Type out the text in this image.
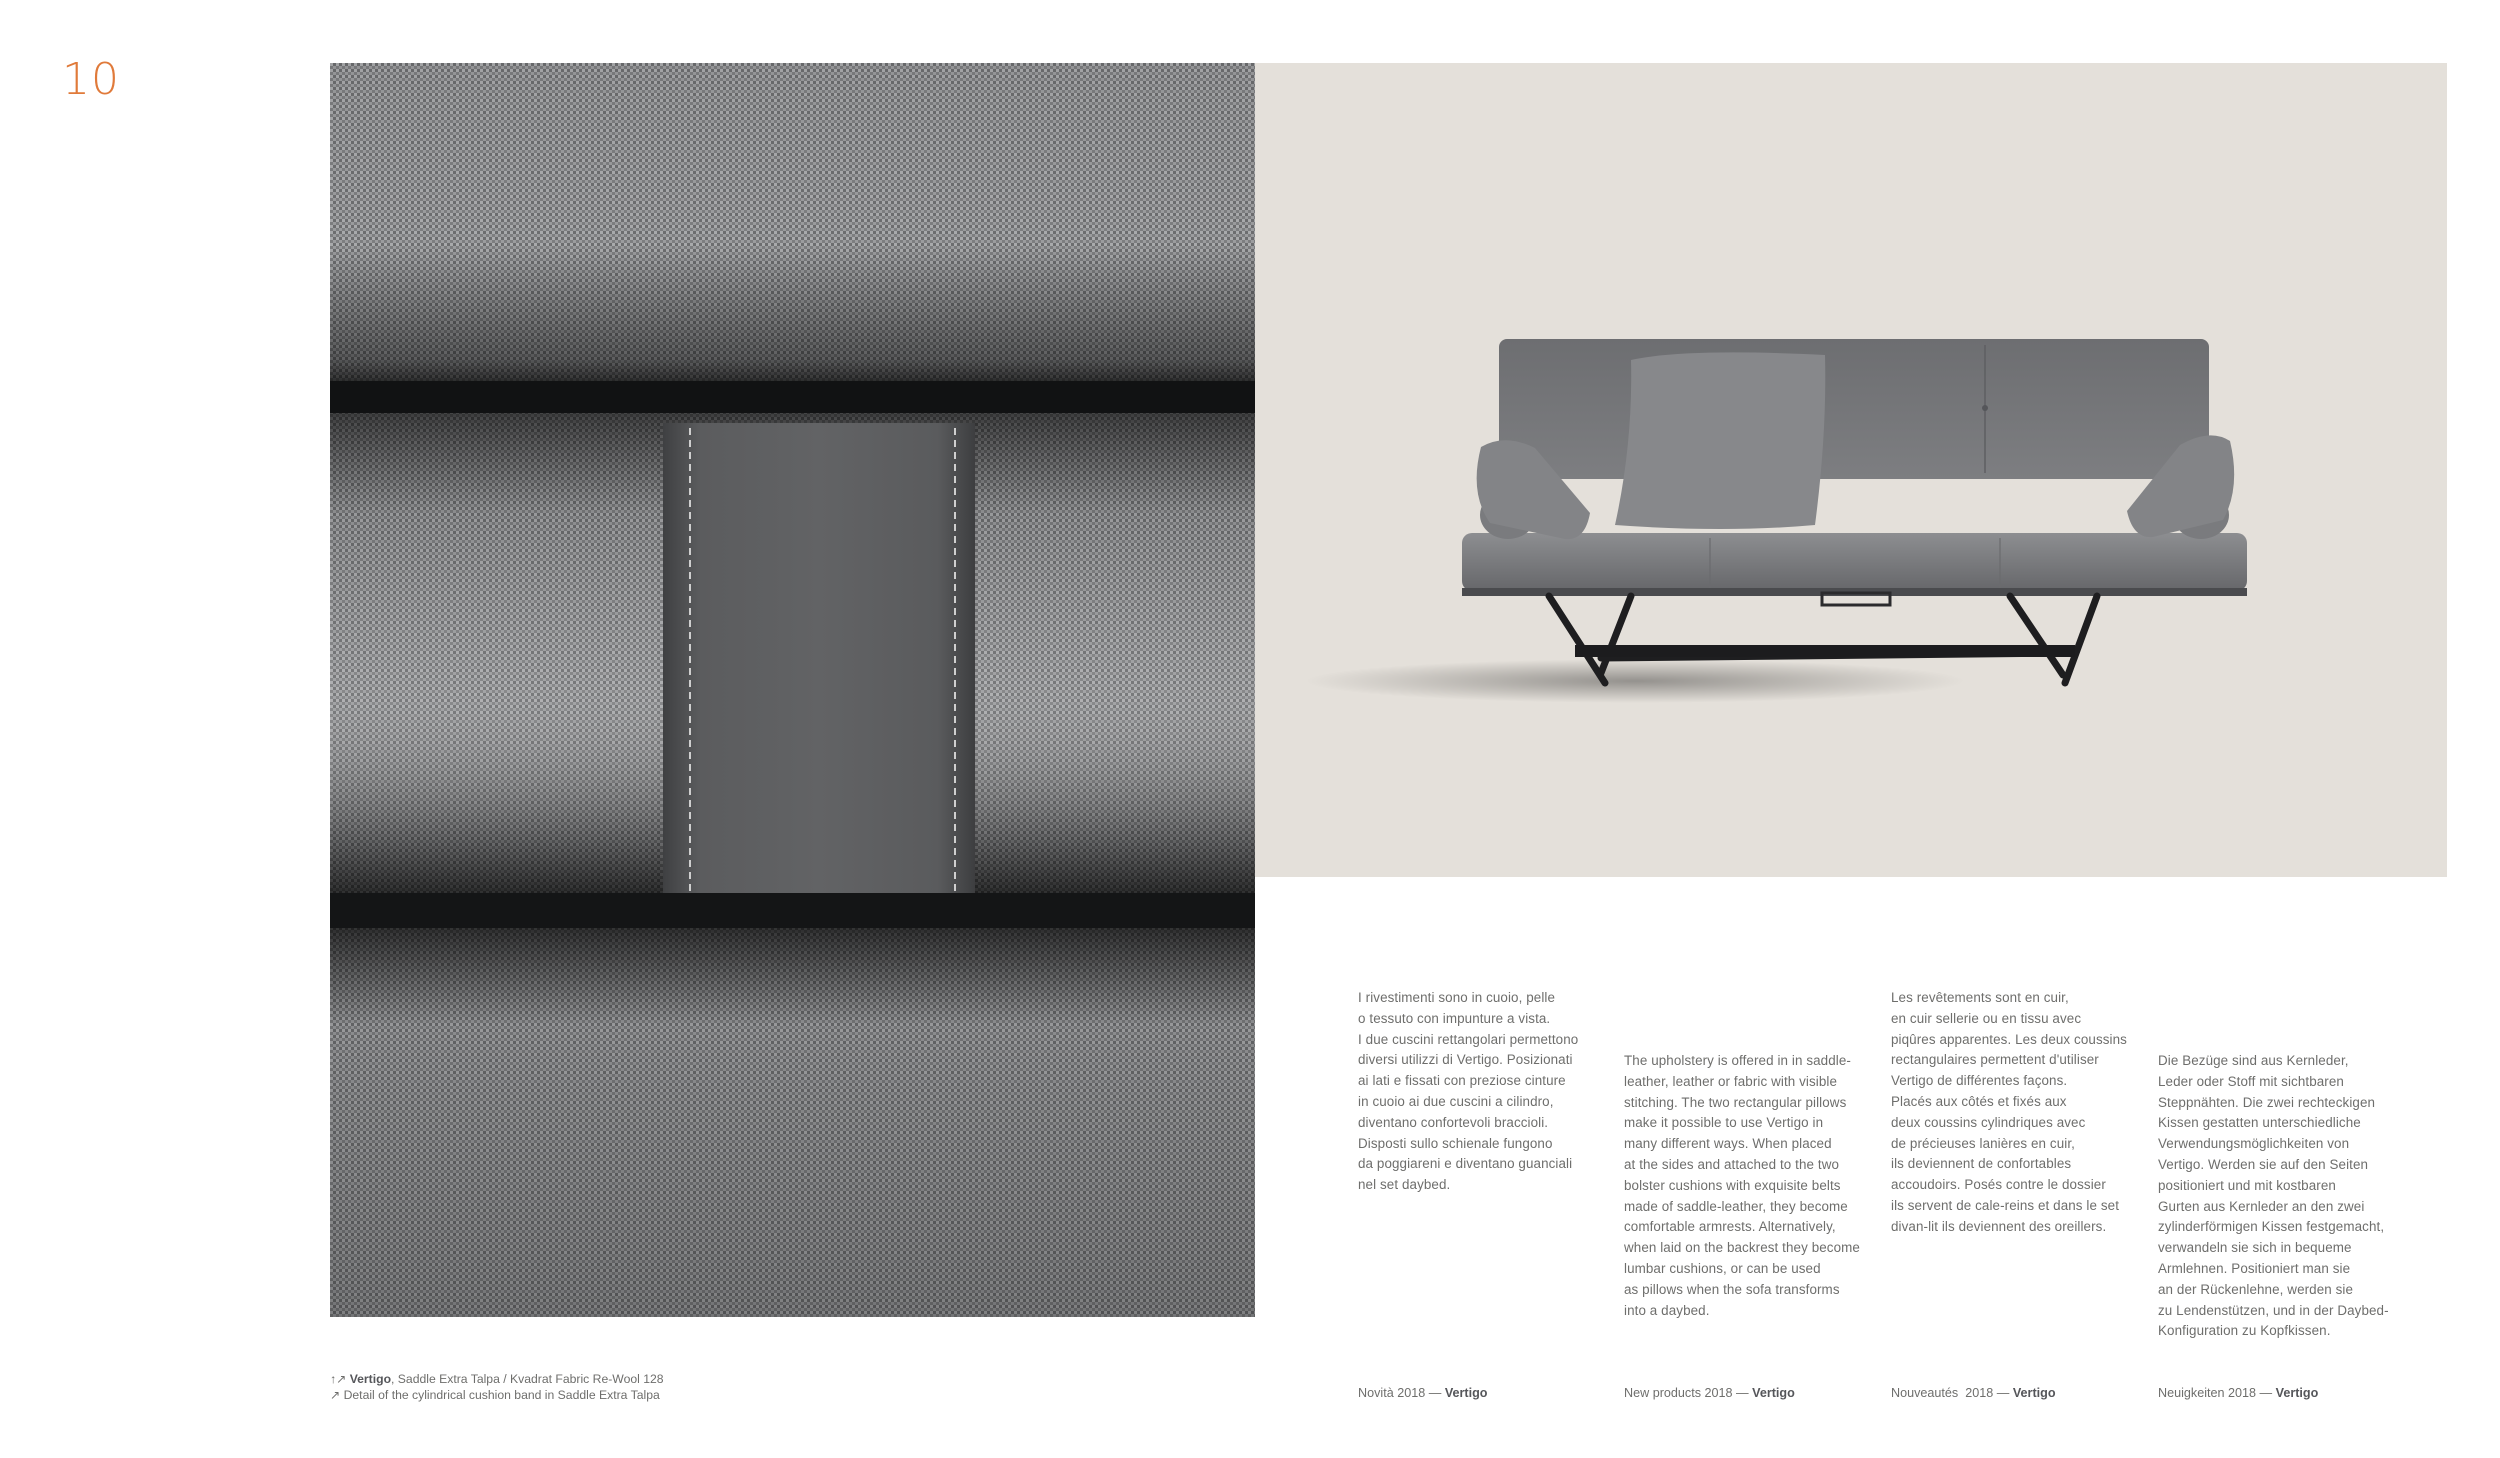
10
I rivestimenti sono in cuoio, pelle
o tessuto con impunture a vista.
I due cuscini rettangolari permettono
diversi utilizzi di Vertigo. Posizionati
ai lati e fissati con preziose cinture
in cuoio ai due cuscini a cilindro,
diventano confortevoli braccioli.
Disposti sullo schienale fungono
da poggiareni e diventano guanciali
nel set daybed.
The upholstery is offered in in saddle-
leather, leather or fabric with visible
stitching. The two rectangular pillows
make it possible to use Vertigo in
many different ways. When placed
at the sides and attached to the two
bolster cushions with exquisite belts
made of saddle-leather, they become
comfortable armrests. Alternatively,
when laid on the backrest they become
lumbar cushions, or can be used
as pillows when the sofa transforms
into a daybed.
Les revêtements sont en cuir,
en cuir sellerie ou en tissu avec
piqûres apparentes. Les deux coussins
rectangulaires permettent d'utiliser
Vertigo de différentes façons.
Placés aux côtés et fixés aux
deux coussins cylindriques avec
de précieuses lanières en cuir,
ils deviennent de confortables
accoudoirs. Posés contre le dossier
ils servent de cale-reins et dans le set
divan-lit ils deviennent des oreillers.
Die Bezüge sind aus Kernleder,
Leder oder Stoff mit sichtbaren
Steppnähten. Die zwei rechteckigen
Kissen gestatten unterschiedliche
Verwendungsmöglichkeiten von
Vertigo. Werden sie auf den Seiten
positioniert und mit kostbaren
Gurten aus Kernleder an den zwei
zylinderförmigen Kissen festgemacht,
verwandeln sie sich in bequeme
Armlehnen. Positioniert man sie
an der Rückenlehne, werden sie
zu Lendenstützen, und in der Daybed-
Konfiguration zu Kopfkissen.
Novità 2018 — Vertigo	New products 2018 — Vertigo	Nouveautés  2018 — Vertigo	Neuigkeiten 2018 — Vertigo
↑↗ Vertigo, Saddle Extra Talpa / Kvadrat Fabric Re-Wool 128
↗ Detail of the cylindrical cushion band in Saddle Extra Talpa
